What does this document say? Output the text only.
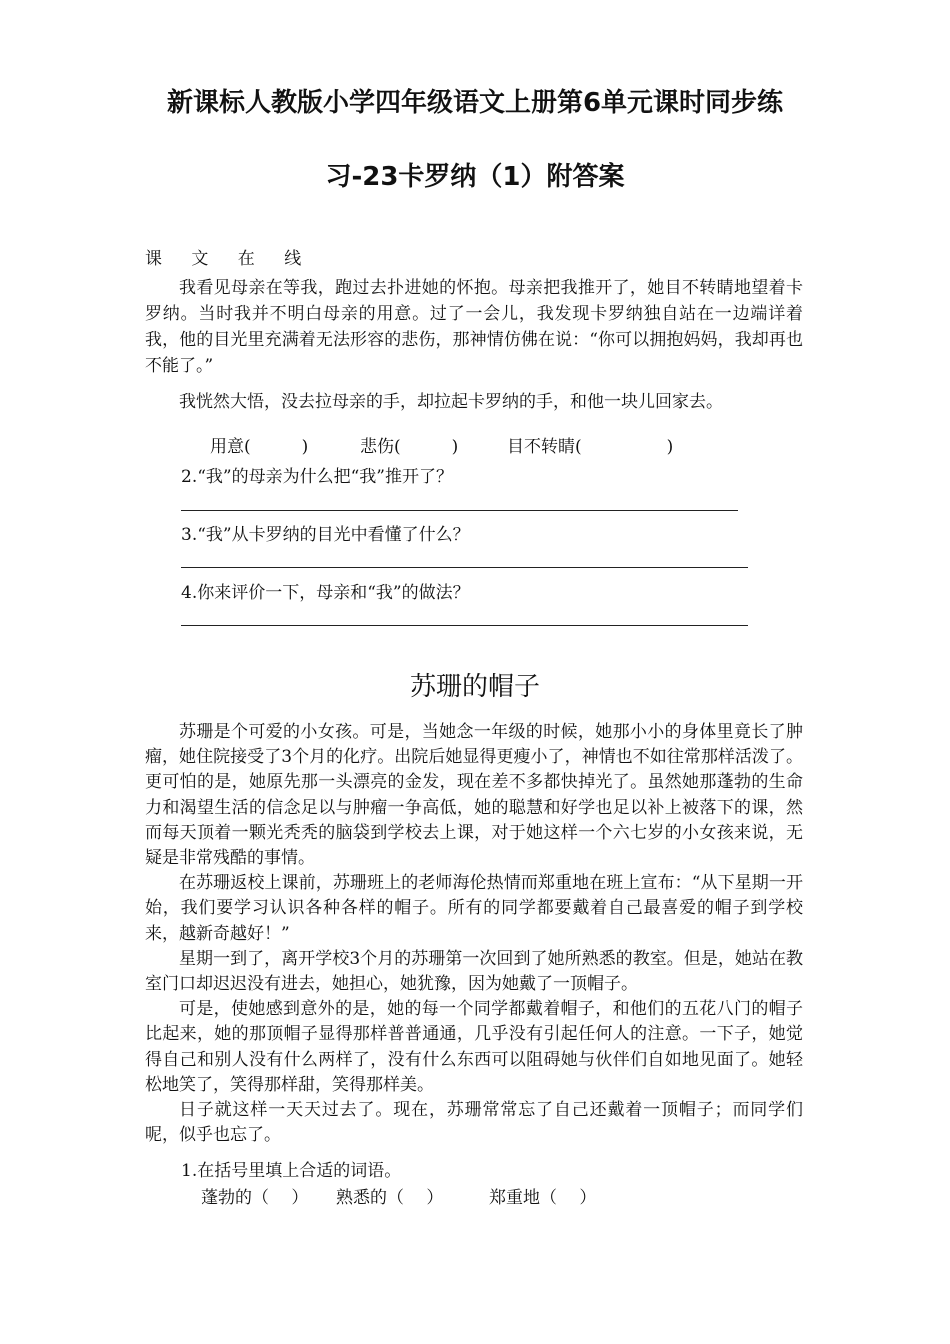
新课标人教版小学四年级语文上册第6单元课时同步练
习-23卡罗纳（1）附答案
课 文 在 线

我看见母亲在等我，跑过去扑进她的怀抱。母亲把我推开了，她目不转睛地望着卡罗纳。当时我并不明白母亲的用意。过了一会儿，我发现卡罗纳独自站在一边端详着我，他的目光里充满着无法形容的悲伤，那神情仿佛在说：“你可以拥抱妈妈，我却再也不能了。”

我恍然大悟，没去拉母亲的手，却拉起卡罗纳的手，和他一块儿回家去。

用意(　　　)	悲伤(　　　)	目不转睛(　　　　　)
2.“我”的母亲为什么把“我”推开了？
3.“我”从卡罗纳的目光中看懂了什么？
4.你来评价一下，母亲和“我”的做法？
苏珊的帽子

苏珊是个可爱的小女孩。可是，当她念一年级的时候，她那小小的身体里竟长了肿瘤，她住院接受了3个月的化疗。出院后她显得更瘦小了，神情也不如往常那样活泼了。更可怕的是，她原先那一头漂亮的金发，现在差不多都快掉光了。虽然她那蓬勃的生命力和渴望生活的信念足以与肿瘤一争高低，她的聪慧和好学也足以补上被落下的课，然而每天顶着一颗光秃秃的脑袋到学校去上课，对于她这样一个六七岁的小女孩来说，无疑是非常残酷的事情。

在苏珊返校上课前，苏珊班上的老师海伦热情而郑重地在班上宣布：“从下星期一开始，我们要学习认识各种各样的帽子。所有的同学都要戴着自己最喜爱的帽子到学校来，越新奇越好！”

星期一到了，离开学校3个月的苏珊第一次回到了她所熟悉的教室。但是，她站在教室门口却迟迟没有进去，她担心，她犹豫，因为她戴了一顶帽子。

可是，使她感到意外的是，她的每一个同学都戴着帽子，和他们的五花八门的帽子比起来，她的那顶帽子显得那样普普通通，几乎没有引起任何人的注意。一下子，她觉得自己和别人没有什么两样了，没有什么东西可以阻碍她与伙伴们自如地见面了。她轻松地笑了，笑得那样甜，笑得那样美。

日子就这样一天天过去了。现在，苏珊常常忘了自己还戴着一顶帽子；而同学们呢，似乎也忘了。

1.在括号里填上合适的词语。
蓬勃的（　 ） 熟悉的（　 ）	郑重地（　 ）
